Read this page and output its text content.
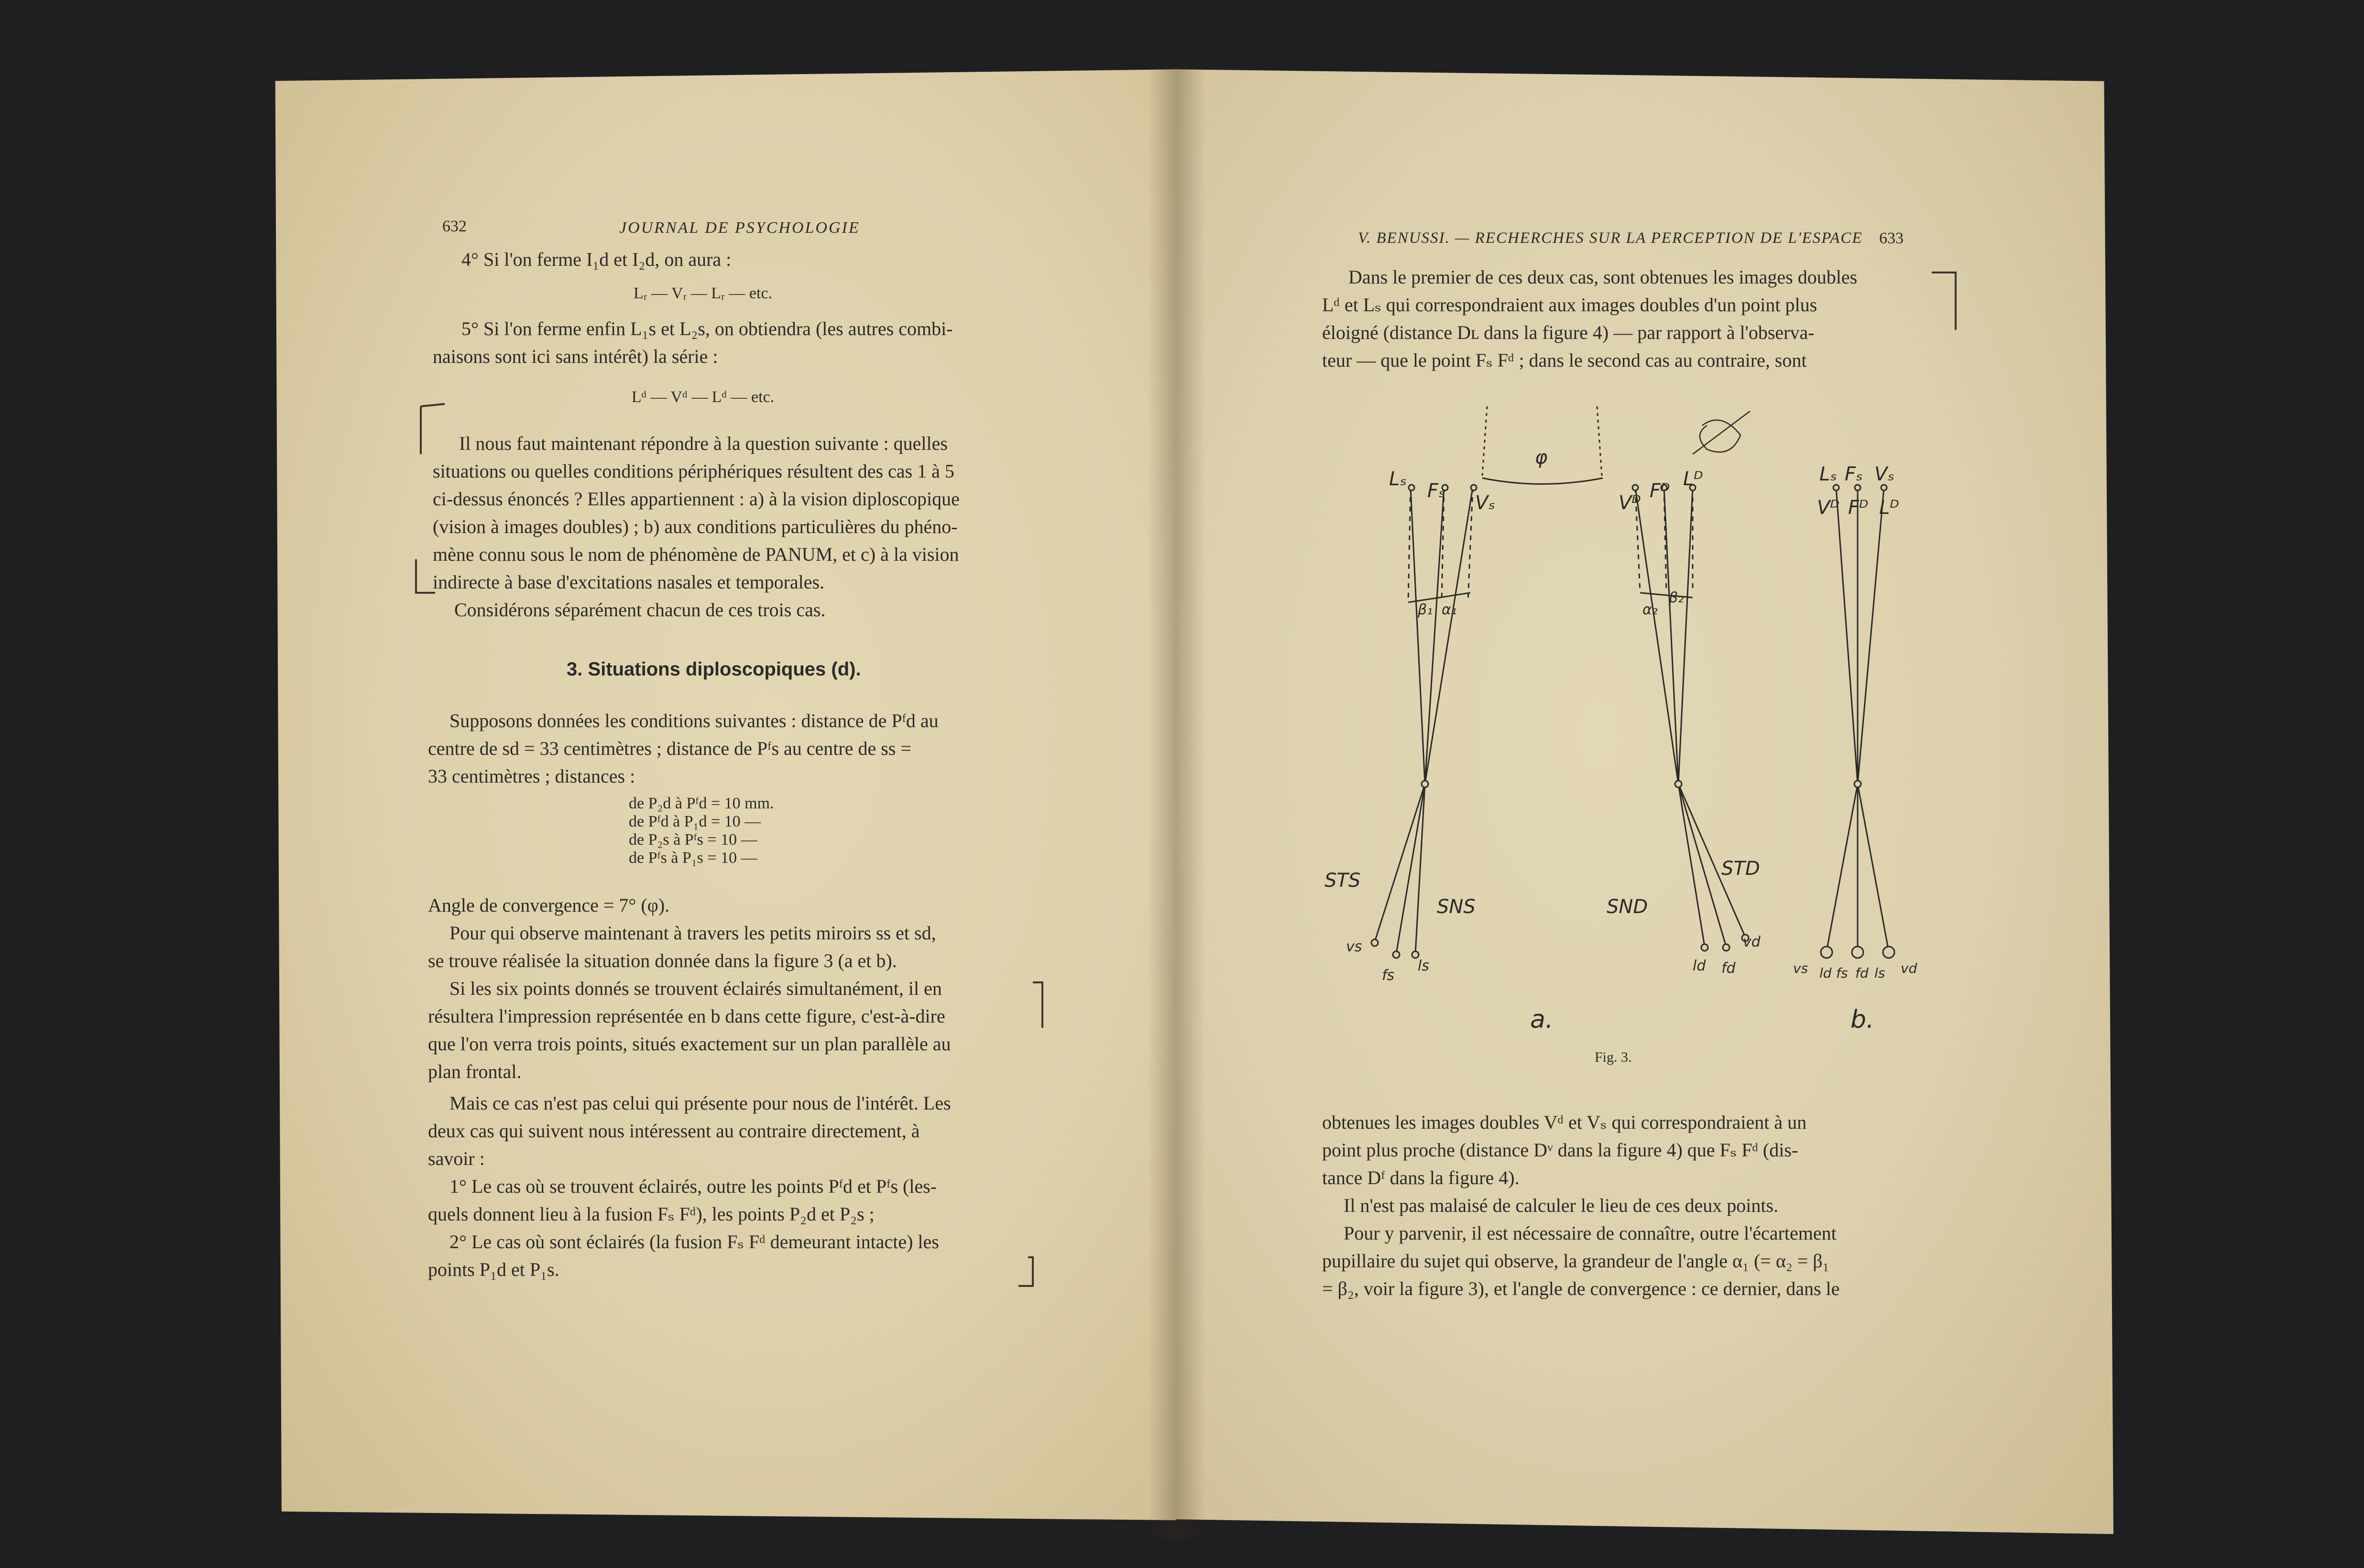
632	JOURNAL DE PSYCHOLOGIE
4° Si l'on ferme I₁d et I₂d, on aura :
Lᵣ — Vᵣ — Lᵣ — etc.
5° Si l'on ferme enfin L₁s et L₂s, on obtiendra (les autres combi-
naisons sont ici sans intérêt) la série :
Lᵈ — Vᵈ — Lᵈ — etc.
Il nous faut maintenant répondre à la question suivante : quelles
situations ou quelles conditions périphériques résultent des cas 1 à 5
ci-dessus énoncés ? Elles appartiennent : a) à la vision diploscopique
(vision à images doubles) ; b) aux conditions particulières du phéno-
mène connu sous le nom de phénomène de PANUM, et c) à la vision
indirecte à base d'excitations nasales et temporales.
Considérons séparément chacun de ces trois cas.
3. Situations diploscopiques (d).
Supposons données les conditions suivantes : distance de Pᶠd au
centre de sd = 33 centimètres ; distance de Pᶠs au centre de ss =
33 centimètres ; distances :
de P₂d à Pᶠd = 10 mm.
de Pᶠd à P₁d = 10 —
de P₂s à Pᶠs = 10 —
de Pᶠs à P₁s = 10 —
Angle de convergence = 7° (φ).
Pour qui observe maintenant à travers les petits miroirs ss et sd,
se trouve réalisée la situation donnée dans la figure 3 (a et b).
Si les six points donnés se trouvent éclairés simultanément, il en
résultera l'impression représentée en b dans cette figure, c'est-à-dire
que l'on verra trois points, situés exactement sur un plan parallèle au
plan frontal.
Mais ce cas n'est pas celui qui présente pour nous de l'intérêt. Les
deux cas qui suivent nous intéressent au contraire directement, à
savoir :
1° Le cas où se trouvent éclairés, outre les points Pᶠd et Pᶠs (les-
quels donnent lieu à la fusion Fₛ Fᵈ), les points P₂d et P₂s ;
2° Le cas où sont éclairés (la fusion Fₛ Fᵈ demeurant intacte) les
points P₁d et P₁s.
V. BENUSSI. — RECHERCHES SUR LA PERCEPTION DE L'ESPACE 633
Dans le premier de ces deux cas, sont obtenues les images doubles
Lᵈ et Lₛ qui correspondraient aux images doubles d'un point plus
éloigné (distance Dʟ dans la figure 4) — par rapport à l'observa-
teur — que le point Fₛ Fᵈ ; dans le second cas au contraire, sont
φ
Lₛ
Fₛ
Vₛ	Vᴰ
Fᴰ
Lᴰ
β₁ α₁	α₂
β₂
STS
SNS	SND
STD
vs
fs
ls	ld fd
vd
Lₛ Fₛ Vₛ
Vᴰ Fᴰ Lᴰ
vs ld fs fd ls vd
a.	b.
Fig. 3.
obtenues les images doubles Vᵈ et Vₛ qui correspondraient à un
point plus proche (distance Dᵛ dans la figure 4) que Fₛ Fᵈ (dis-
tance Dᶠ dans la figure 4).
Il n'est pas malaisé de calculer le lieu de ces deux points.
Pour y parvenir, il est nécessaire de connaître, outre l'écartement
pupillaire du sujet qui observe, la grandeur de l'angle α₁ (= α₂ = β₁
= β₂, voir la figure 3), et l'angle de convergence : ce dernier, dans le
